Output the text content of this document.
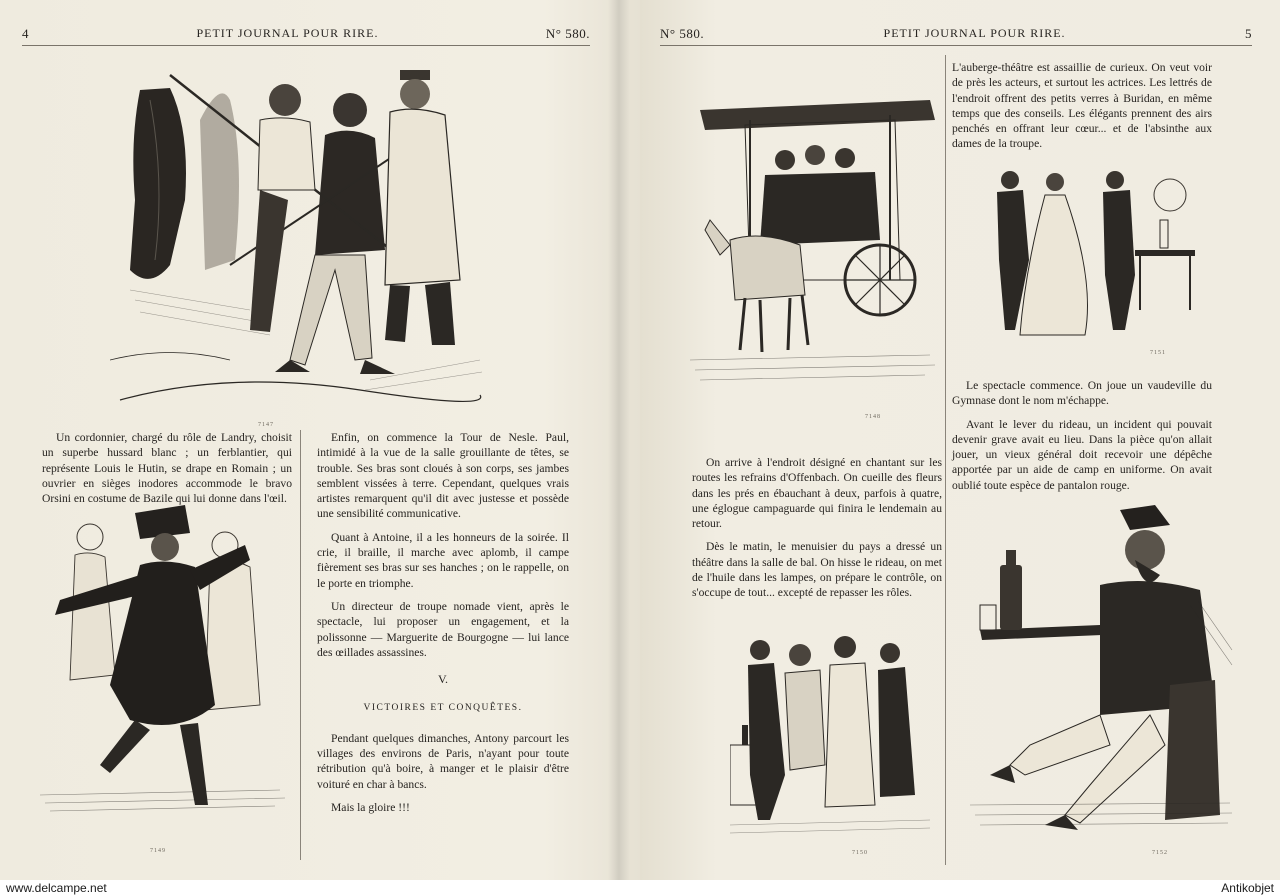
4	PETIT JOURNAL POUR RIRE.	N° 580.
7147

Un cordonnier, chargé du rôle de Landry, choisit un superbe hussard blanc ; un ferblantier, qui représente Louis le Hutin, se drape en Romain ; un ouvrier en sièges inodores accommode le bravo Orsini en costume de Bazile qui lui donne dans l'œil.

7149

Enfin, on commence la Tour de Nesle. Paul, intimidé à la vue de la salle grouillante de têtes, se trouble. Ses bras sont cloués à son corps, ses jambes semblent vissées à terre. Cependant, quelques vrais artistes remarquent qu'il dit avec justesse et possède une sensibilité communicative.

Quant à Antoine, il a les honneurs de la soirée. Il crie, il braille, il marche avec aplomb, il campe fièrement ses bras sur ses hanches ; on le rappelle, on le porte en triomphe.

Un directeur de troupe nomade vient, après le spectacle, lui proposer un engagement, et la polissonne — Marguerite de Bourgogne — lui lance des œillades assassines.

V.
VICTOIRES ET CONQUÊTES.

Pendant quelques dimanches, Antony parcourt les villages des environs de Paris, n'ayant pour toute rétribution qu'à boire, à manger et le plaisir d'être voituré en char à bancs.

Mais la gloire !!!

N° 580.	PETIT JOURNAL POUR RIRE.	5
7148

On arrive à l'endroit désigné en chantant sur les routes les refrains d'Offenbach. On cueille des fleurs dans les prés en ébauchant à deux, parfois à quatre, une églogue campaguarde qui finira le lendemain au retour.

Dès le matin, le menuisier du pays a dressé un théâtre dans la salle de bal. On hisse le rideau, on met de l'huile dans les lampes, on prépare le contrôle, on s'occupe de tout... excepté de repasser les rôles.

7150

L'auberge-théâtre est assaillie de curieux. On veut voir de près les acteurs, et surtout les actrices. Les lettrés de l'endroit offrent des petits verres à Buridan, en même temps que des conseils. Les élégants prennent des airs penchés en offrant leur cœur... et de l'absinthe aux dames de la troupe.

7151

Le spectacle commence. On joue un vaudeville du Gymnase dont le nom m'échappe.

Avant le lever du rideau, un incident qui pouvait devenir grave avait eu lieu. Dans la pièce qu'on allait jouer, un vieux général doit recevoir une dépêche apportée par un aide de camp en uniforme. On avait oublié toute espèce de pantalon rouge.

7152
www.delcampe.net	Antikobjet
